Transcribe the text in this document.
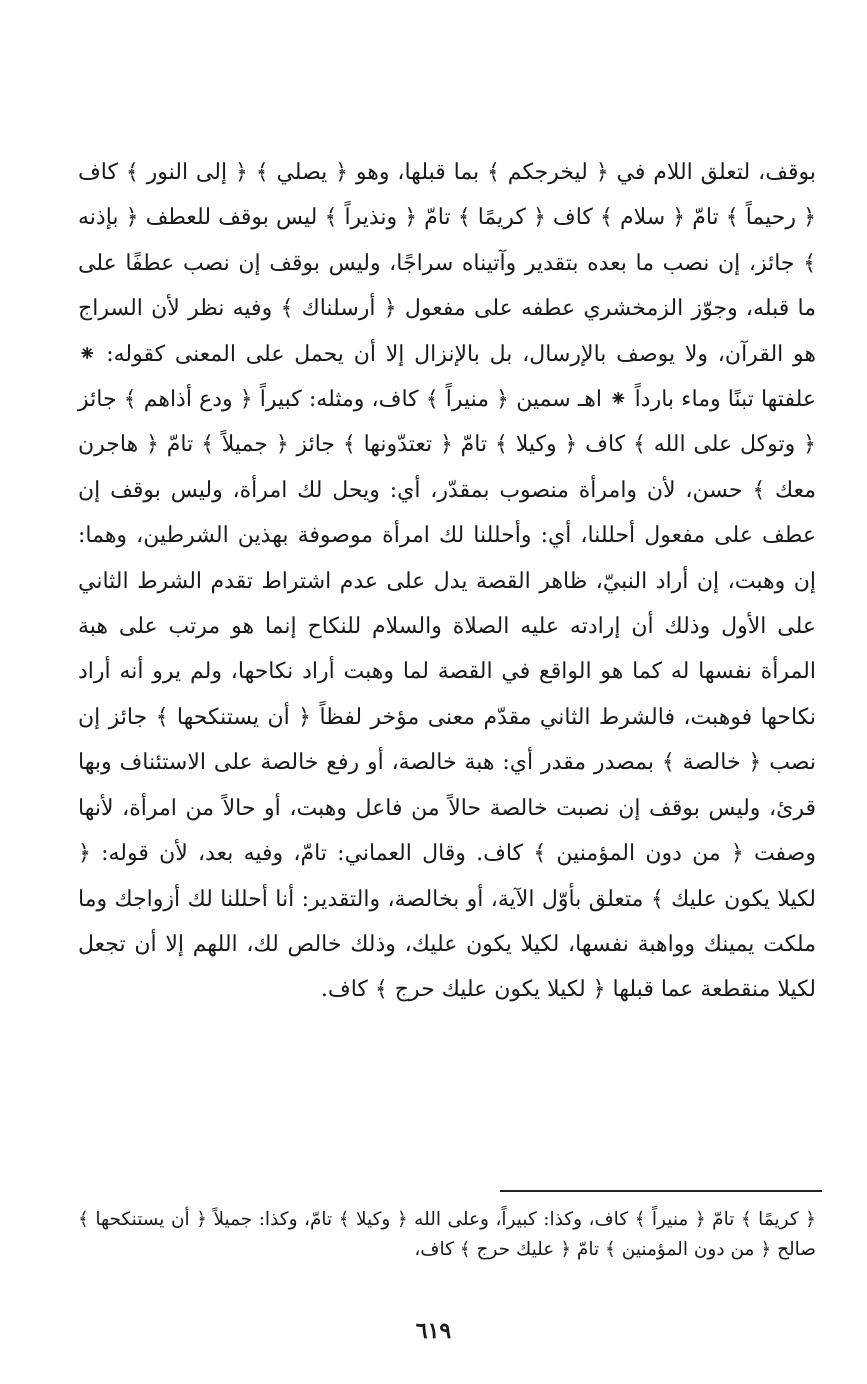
بوقف، لتعلق اللام في ﴿ ليخرجكم ﴾ بما قبلها، وهو ﴿ يصلي ﴾ ﴿ إلى النور ﴾ كاف ﴿ رحيماً ﴾ تامّ ﴿ سلام ﴾ كاف ﴿ كريمًا ﴾ تامّ ﴿ ونذيراً ﴾ ليس بوقف للعطف ﴿ بإذنه ﴾ جائز، إن نصب ما بعده بتقدير وآتيناه سراجًا، وليس بوقف إن نصب عطفًا على ما قبله، وجوّز الزمخشري عطفه على مفعول ﴿ أرسلناك ﴾ وفيه نظر لأن السراج هو القرآن، ولا يوصف بالإرسال، بل بالإنزال إلا أن يحمل على المعنى كقوله: ⁕ علفتها تبنًا وماء بارداً ⁕ اهـ سمين ﴿ منيراً ﴾ كاف، ومثله: كبيراً ﴿ ودع أذاهم ﴾ جائز ﴿ وتوكل على الله ﴾ كاف ﴿ وكيلا ﴾ تامّ ﴿ تعتدّونها ﴾ جائز ﴿ جميلاً ﴾ تامّ ﴿ هاجرن معك ﴾ حسن، لأن وامرأة منصوب بمقدّر، أي: ويحل لك امرأة، وليس بوقف إن عطف على مفعول أحللنا، أي: وأحللنا لك امرأة موصوفة بهذين الشرطين، وهما: إن وهبت، إن أراد النبيّ، ظاهر القصة يدل على عدم اشتراط تقدم الشرط الثاني على الأول وذلك أن إرادته عليه الصلاة والسلام للنكاح إنما هو مرتب على هبة المرأة نفسها له كما هو الواقع في القصة لما وهبت أراد نكاحها، ولم يرو أنه أراد نكاحها فوهبت، فالشرط الثاني مقدّم معنى مؤخر لفظاً ﴿ أن يستنكحها ﴾ جائز إن نصب ﴿ خالصة ﴾ بمصدر مقدر أي: هبة خالصة، أو رفع خالصة على الاستئناف وبها قرئ، وليس بوقف إن نصبت خالصة حالاً من فاعل وهبت، أو حالاً من امرأة، لأنها وصفت ﴿ من دون المؤمنين ﴾ كاف. وقال العماني: تامّ، وفيه بعد، لأن قوله: ﴿ لكيلا يكون عليك ﴾ متعلق بأوّل الآية، أو بخالصة، والتقدير: أنا أحللنا لك أزواجك وما ملكت يمينك وواهبة نفسها، لكيلا يكون عليك، وذلك خالص لك، اللهم إلا أن تجعل لكيلا منقطعة عما قبلها ﴿ لكيلا يكون عليك حرج ﴾ كاف.

﴿ كريمًا ﴾ تامّ ﴿ منيراً ﴾ كاف، وكذا: كبيراً، وعلى الله ﴿ وكيلا ﴾ تامّ، وكذا: جميلاً ﴿ أن يستنكحها ﴾ صالح ﴿ من دون المؤمنين ﴾ تامّ ﴿ عليك حرج ﴾ كاف،

٦١٩
